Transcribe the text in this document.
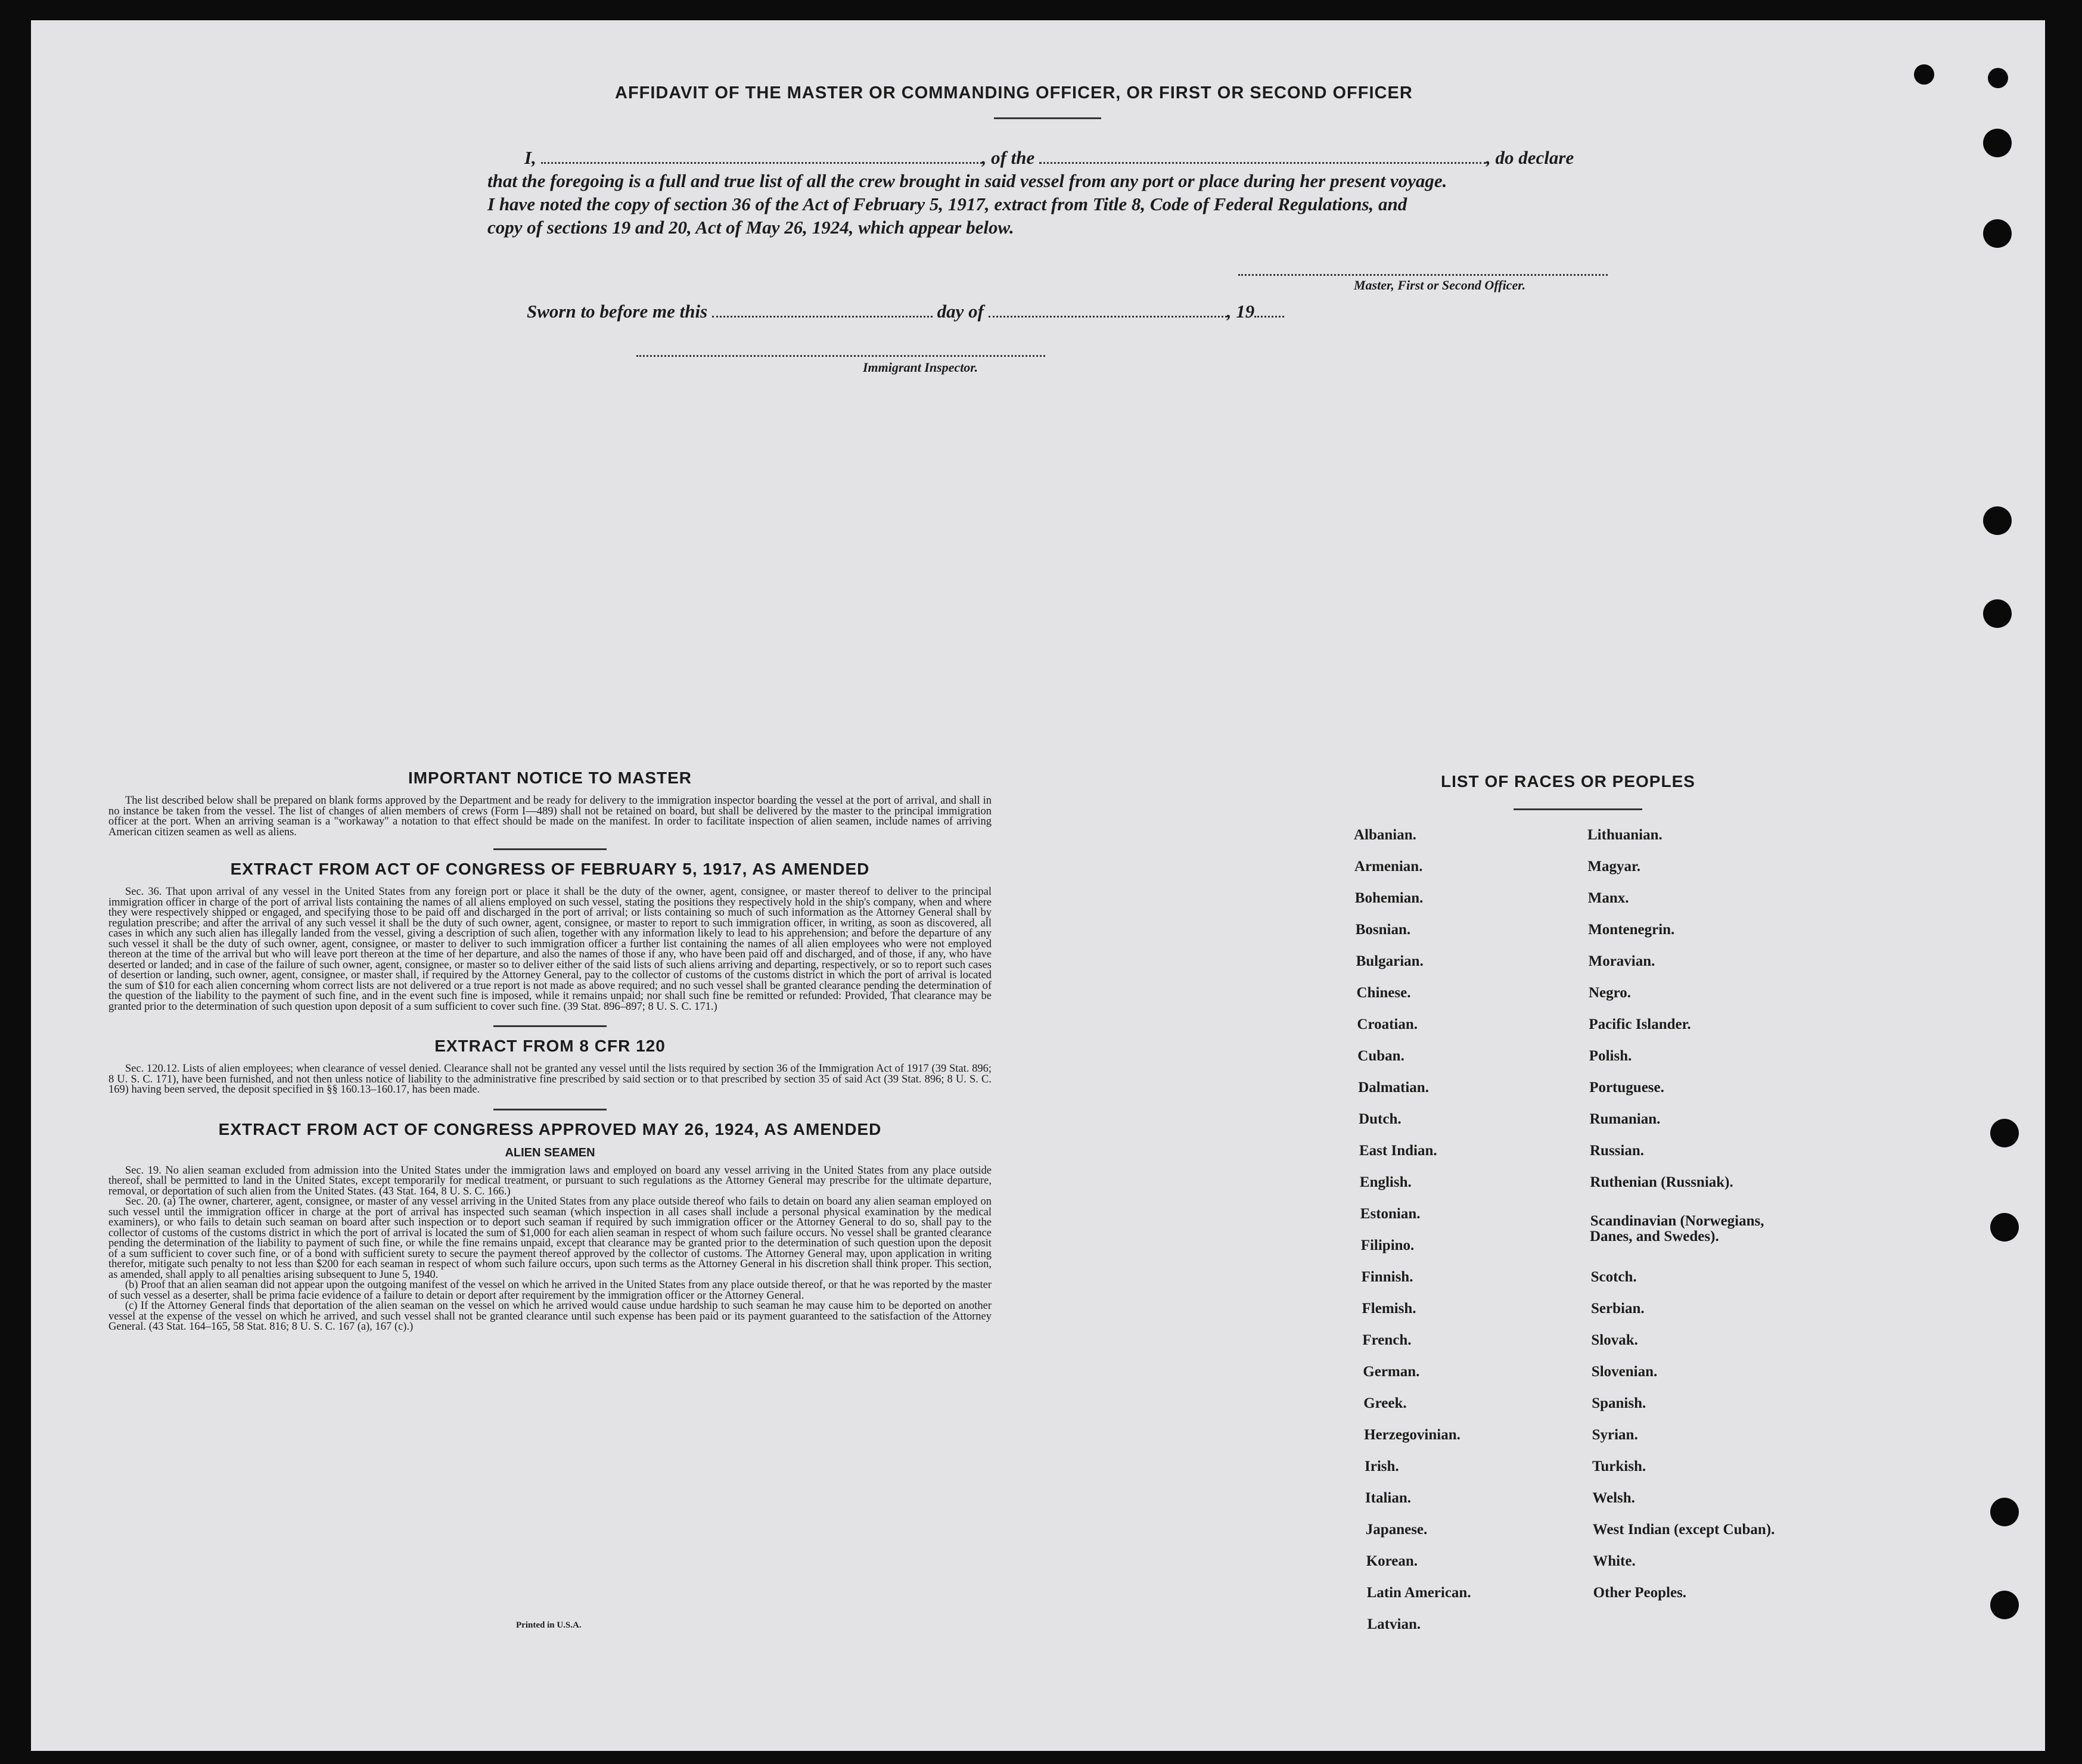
AFFIDAVIT OF THE MASTER OR COMMANDING OFFICER, OR FIRST OR SECOND OFFICER
I,	, of the	, do declare
that the foregoing is a full and true list of all the crew brought in said vessel from any port or place during her present voyage.
I have noted the copy of section 36 of the Act of February 5, 1917, extract from Title 8, Code of Federal Regulations, and
copy of sections 19 and 20, Act of May 26, 1924, which appear below.
Master, First or Second Officer.
Sworn to before me this	day of	, 19
Immigrant Inspector.
IMPORTANT NOTICE TO MASTER

The list described below shall be prepared on blank forms approved by the Department and be ready for delivery to the immigration inspector boarding the vessel at the port of arrival, and shall in no instance be taken from the vessel. The list of changes of alien members of crews (Form I—489) shall not be retained on board, but shall be delivered by the master to the principal immigration officer at the port. When an arriving seaman is a "workaway" a notation to that effect should be made on the manifest. In order to facilitate inspection of alien seamen, include names of arriving American citizen seamen as well as aliens.

EXTRACT FROM ACT OF CONGRESS OF FEBRUARY 5, 1917, AS AMENDED

Sec. 36. That upon arrival of any vessel in the United States from any foreign port or place it shall be the duty of the owner, agent, consignee, or master thereof to deliver to the principal immigration officer in charge of the port of arrival lists containing the names of all aliens employed on such vessel, stating the positions they respectively hold in the ship's company, when and where they were respectively shipped or engaged, and specifying those to be paid off and discharged in the port of arrival; or lists containing so much of such information as the Attorney General shall by regulation prescribe; and after the arrival of any such vessel it shall be the duty of such owner, agent, consignee, or master to report to such immigration officer, in writing, as soon as discovered, all cases in which any such alien has illegally landed from the vessel, giving a description of such alien, together with any information likely to lead to his apprehension; and before the departure of any such vessel it shall be the duty of such owner, agent, consignee, or master to deliver to such immigration officer a further list containing the names of all alien employees who were not employed thereon at the time of the arrival but who will leave port thereon at the time of her departure, and also the names of those if any, who have been paid off and discharged, and of those, if any, who have deserted or landed; and in case of the failure of such owner, agent, consignee, or master so to deliver either of the said lists of such aliens arriving and departing, respectively, or so to report such cases of desertion or landing, such owner, agent, consignee, or master shall, if required by the Attorney General, pay to the collector of customs of the customs district in which the port of arrival is located the sum of $10 for each alien concerning whom correct lists are not delivered or a true report is not made as above required; and no such vessel shall be granted clearance pending the determination of the question of the liability to the payment of such fine, and in the event such fine is imposed, while it remains unpaid; nor shall such fine be remitted or refunded: Provided, That clearance may be granted prior to the determination of such question upon deposit of a sum sufficient to cover such fine. (39 Stat. 896–897; 8 U. S. C. 171.)

EXTRACT FROM 8 CFR 120

Sec. 120.12. Lists of alien employees; when clearance of vessel denied. Clearance shall not be granted any vessel until the lists required by section 36 of the Immigration Act of 1917 (39 Stat. 896; 8 U. S. C. 171), have been furnished, and not then unless notice of liability to the administrative fine prescribed by said section or to that prescribed by section 35 of said Act (39 Stat. 896; 8 U. S. C. 169) having been served, the deposit specified in §§ 160.13–160.17, has been made.

EXTRACT FROM ACT OF CONGRESS APPROVED MAY 26, 1924, AS AMENDED
ALIEN SEAMEN

Sec. 19. No alien seaman excluded from admission into the United States under the immigration laws and employed on board any vessel arriving in the United States from any place outside thereof, shall be permitted to land in the United States, except temporarily for medical treatment, or pursuant to such regulations as the Attorney General may prescribe for the ultimate departure, removal, or deportation of such alien from the United States. (43 Stat. 164, 8 U. S. C. 166.)

Sec. 20. (a) The owner, charterer, agent, consignee, or master of any vessel arriving in the United States from any place outside thereof who fails to detain on board any alien seaman employed on such vessel until the immigration officer in charge at the port of arrival has inspected such seaman (which inspection in all cases shall include a personal physical examination by the medical examiners), or who fails to detain such seaman on board after such inspection or to deport such seaman if required by such immigration officer or the Attorney General to do so, shall pay to the collector of customs of the customs district in which the port of arrival is located the sum of $1,000 for each alien seaman in respect of whom such failure occurs. No vessel shall be granted clearance pending the determination of the liability to payment of such fine, or while the fine remains unpaid, except that clearance may be granted prior to the determination of such question upon the deposit of a sum sufficient to cover such fine, or of a bond with sufficient surety to secure the payment thereof approved by the collector of customs. The Attorney General may, upon application in writing therefor, mitigate such penalty to not less than $200 for each seaman in respect of whom such failure occurs, upon such terms as the Attorney General in his discretion shall think proper. This section, as amended, shall apply to all penalties arising subsequent to June 5, 1940.

(b) Proof that an alien seaman did not appear upon the outgoing manifest of the vessel on which he arrived in the United States from any place outside thereof, or that he was reported by the master of such vessel as a deserter, shall be prima facie evidence of a failure to detain or deport after requirement by the immigration officer or the Attorney General.

(c) If the Attorney General finds that deportation of the alien seaman on the vessel on which he arrived would cause undue hardship to such seaman he may cause him to be deported on another vessel at the expense of the vessel on which he arrived, and such vessel shall not be granted clearance until such expense has been paid or its payment guaranteed to the satisfaction of the Attorney General. (43 Stat. 164–165, 58 Stat. 816; 8 U. S. C. 167 (a), 167 (c).)

Printed in U.S.A.
LIST OF RACES OR PEOPLES
Albanian.
Armenian.
Bohemian.
Bosnian.
Bulgarian.
Chinese.
Croatian.
Cuban.
Dalmatian.
Dutch.
East Indian.
English.
Estonian.
Filipino.
Finnish.
Flemish.
French.
German.
Greek.
Herzegovinian.
Irish.
Italian.
Japanese.
Korean.
Latin American.
Latvian.
Lithuanian.
Magyar.
Manx.
Montenegrin.
Moravian.
Negro.
Pacific Islander.
Polish.
Portuguese.
Rumanian.
Russian.
Ruthenian (Russniak).
Scandinavian (Norwegians,
Danes, and Swedes).
Scotch.
Serbian.
Slovak.
Slovenian.
Spanish.
Syrian.
Turkish.
Welsh.
West Indian (except Cuban).
White.
Other Peoples.
